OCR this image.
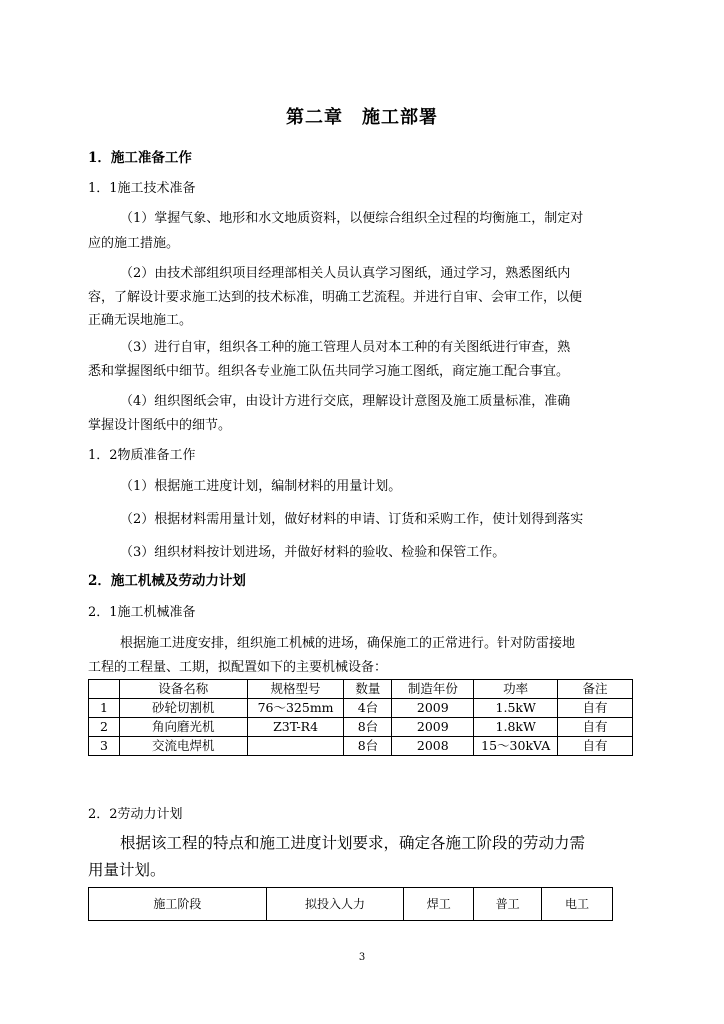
第二章　施工部署
1．施工准备工作
1．1施工技术准备
（1）掌握气象、地形和水文地质资料，以便综合组织全过程的均衡施工，制定对
应的施工措施。
（2）由技术部组织项目经理部相关人员认真学习图纸，通过学习，熟悉图纸内
容，了解设计要求施工达到的技术标准，明确工艺流程。并进行自审、会审工作，以便
正确无误地施工。
（3）进行自审，组织各工种的施工管理人员对本工种的有关图纸进行审查，熟
悉和掌握图纸中细节。组织各专业施工队伍共同学习施工图纸，商定施工配合事宜。
（4）组织图纸会审，由设计方进行交底，理解设计意图及施工质量标准，准确
掌握设计图纸中的细节。
1．2物质准备工作
（1）根据施工进度计划，编制材料的用量计划。
（2）根据材料需用量计划，做好材料的申请、订货和采购工作，使计划得到落实
（3）组织材料按计划进场，并做好材料的验收、检验和保管工作。
2．施工机械及劳动力计划
2．1施工机械准备
根据施工进度安排，组织施工机械的进场，确保施工的正常进行。针对防雷接地
工程的工程量、工期，拟配置如下的主要机械设备：
	设备名称	规格型号	数量	制造年份	功率	备注
1	砂轮切割机	76～325mm	4台	2009	1.5kW	自有
2	角向磨光机	Z3T-R4	8台	2009	1.8kW	自有
3	交流电焊机		8台	2008	15～30kVA	自有
2．2劳动力计划
根据该工程的特点和施工进度计划要求，确定各施工阶段的劳动力需
用量计划。
施工阶段	拟投入人力	焊工	普工	电工
3
